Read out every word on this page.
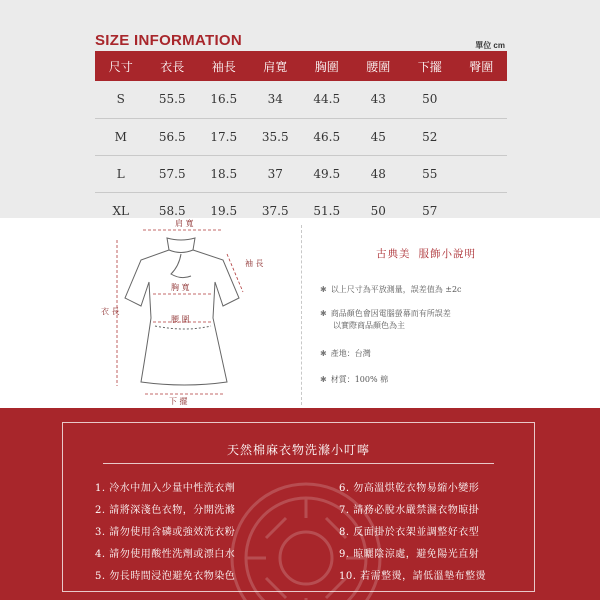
SIZE INFORMATION	單位 cm
尺寸	衣長	袖長	肩寬	胸圍	腰圍	下擺	臀圍
S	55.5	16.5	34	44.5	43	50	
M	56.5	17.5	35.5	46.5	45	52	
L	57.5	18.5	37	49.5	48	55	
XL	58.5	19.5	37.5	51.5	50	57	
肩 寬
袖 長
胸 寬
腰 圍
衣 長
下 擺
古典美 服飾小說明
✱ 以上尺寸為平放測量，誤差值為 ±2c
✱ 商品顏色會因電腦螢幕而有所誤差
以實際商品顏色為主
✱ 產地：台灣
✱ 材質：100% 棉
天然棉麻衣物洗滌小叮嚀
1. 冷水中加入少量中性洗衣劑
2. 請將深淺色衣物，分開洗滌
3. 請勿使用含磷或強效洗衣粉
4. 請勿使用酸性洗劑或漂白水
5. 勿長時間浸泡避免衣物染色
6. 勿高溫烘乾衣物易縮小變形
7. 請務必脫水嚴禁濕衣物晾掛
8. 反面掛於衣架並調整好衣型
9. 晾曬陰涼處，避免陽光直射
10. 若需整燙，請低溫墊布整燙
